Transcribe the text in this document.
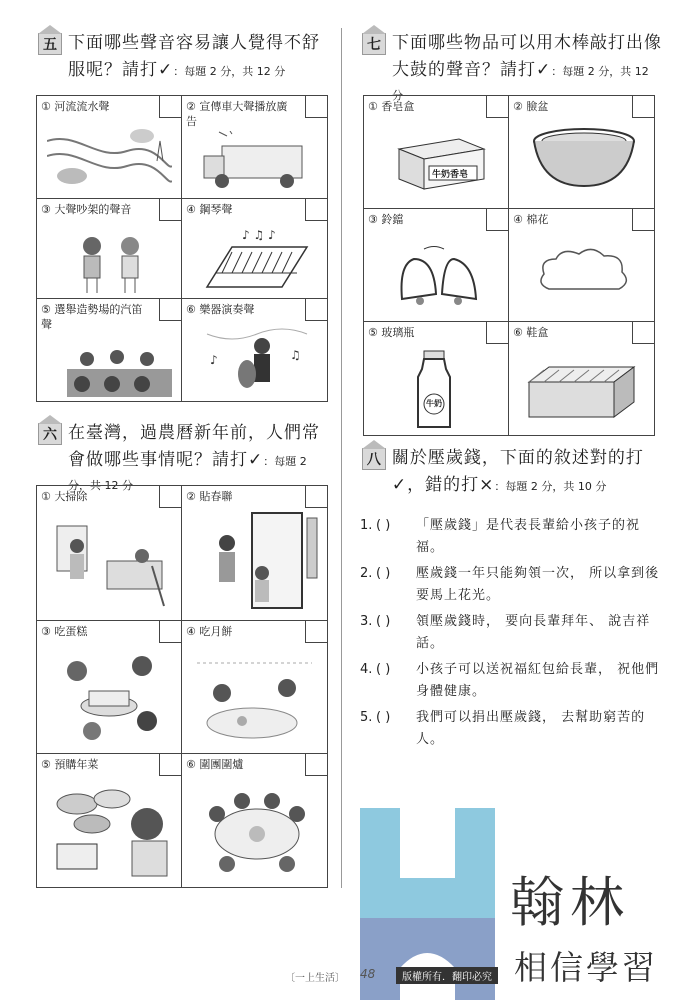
五 下面哪些聲音容易讓人覺得不舒服呢？請打✓：每題 2 分，共 12 分
① 河流流水聲	② 宣傳車大聲播放廣告
③ 大聲吵架的聲音	④ 鋼琴聲
♪ ♫ ♪
⑤ 選舉造勢場的汽笛聲
⑥ 樂器演奏聲
♪	♫
六 在臺灣，過農曆新年前，人們常會做哪些事情呢？請打✓：每題 2 分，共 12 分
① 大掃除	② 貼春聯
③ 吃蛋糕	④ 吃月餅
⑤ 預購年菜	⑥ 圍團圍爐
七 下面哪些物品可以用木棒敲打出像大鼓的聲音？請打✓：每題 2 分，共 12 分
① 香皂盒
牛奶香皂
② 臉盆
③ 鈴鐺	④ 棉花
⑤ 玻璃瓶
牛奶
⑥ 鞋盒
八 關於壓歲錢，下面的敘述對的打✓，錯的打×：每題 2 分，共 10 分
1. ( )	「壓歲錢」是代表長輩給小孩子的祝福。
2. ( )	壓歲錢一年只能夠領一次， 所以拿到後要馬上花光。
3. ( )	領壓歲錢時， 要向長輩拜年、 說吉祥話。
4. ( )	小孩子可以送祝福紅包給長輩， 祝他們身體健康。
5. ( )	我們可以捐出壓歲錢， 去幫助窮苦的人。
翰林
相信學習
〔一上生活〕 48	版權所有．翻印必究
